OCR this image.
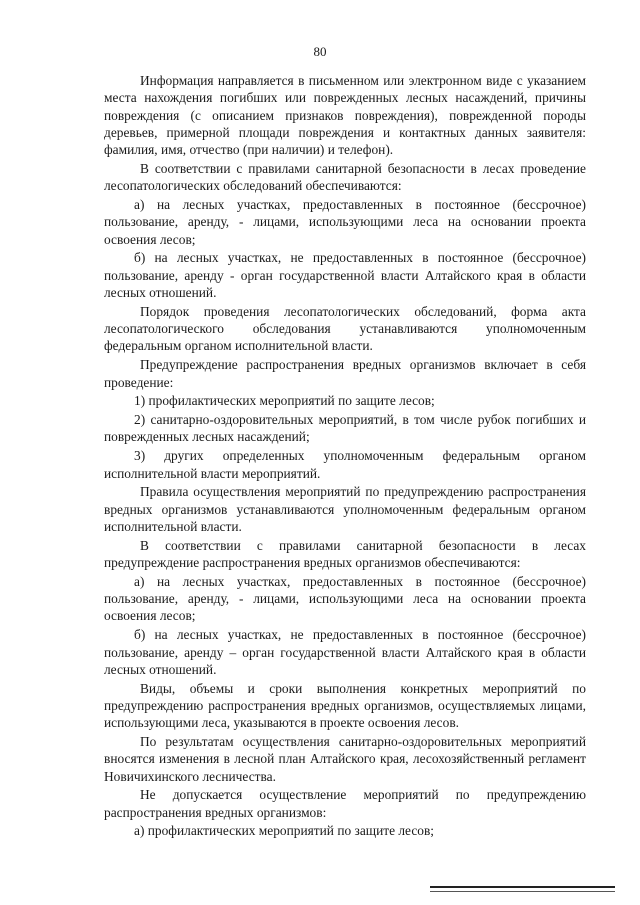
80

Информация направляется в письменном или электронном виде с указанием места нахождения погибших или поврежденных лесных насаждений, причины повреждения (с описанием признаков повреждения), поврежденной породы деревьев, примерной площади повреждения и контактных данных заявителя: фамилия, имя, отчество (при наличии) и телефон).

В соответствии с правилами санитарной безопасности в лесах проведение лесопатологических обследований обеспечиваются:

а) на лесных участках, предоставленных в постоянное (бессрочное) пользование, аренду, - лицами, использующими леса на основании проекта освоения лесов;

б) на лесных участках, не предоставленных в постоянное (бессрочное) пользование, аренду - орган государственной власти Алтайского края в области лесных отношений.

Порядок проведения лесопатологических обследований, форма акта лесопатологического обследования устанавливаются уполномоченным федеральным органом исполнительной власти.

Предупреждение распространения вредных организмов включает в себя проведение:

1) профилактических мероприятий по защите лесов;

2) санитарно-оздоровительных мероприятий, в том числе рубок погибших и поврежденных лесных насаждений;

3) других определенных уполномоченным федеральным органом исполнительной власти мероприятий.

Правила осуществления мероприятий по предупреждению распространения вредных организмов устанавливаются уполномоченным федеральным органом исполнительной власти.

В соответствии с правилами санитарной безопасности в лесах предупреждение распространения вредных организмов обеспечиваются:

а) на лесных участках, предоставленных в постоянное (бессрочное) пользование, аренду, - лицами, использующими леса на основании проекта освоения лесов;

б) на лесных участках, не предоставленных в постоянное (бессрочное) пользование, аренду – орган государственной власти Алтайского края в области лесных отношений.

Виды, объемы и сроки выполнения конкретных мероприятий по предупреждению распространения вредных организмов, осуществляемых лицами, использующими леса, указываются в проекте освоения лесов.

По результатам осуществления санитарно-оздоровительных мероприятий вносятся изменения в лесной план Алтайского края, лесохозяйственный регламент Новичихинского лесничества.

Не допускается осуществление мероприятий по предупреждению распространения вредных организмов:

а) профилактических мероприятий по защите лесов;
